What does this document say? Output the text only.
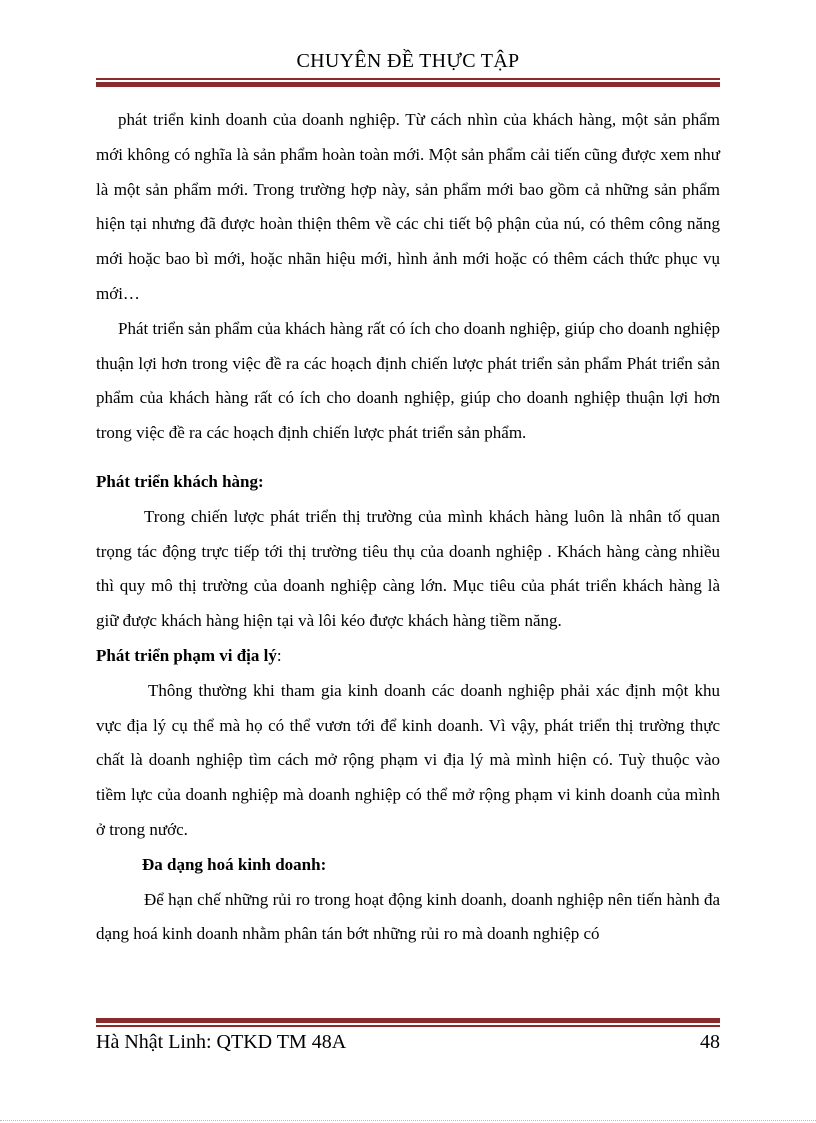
CHUYÊN ĐỀ THỰC TẬP

phát triển kinh doanh của doanh nghiệp. Từ cách nhìn của khách hàng, một sản phẩm mới không có nghĩa là sản phẩm hoàn toàn mới. Một sản phẩm cải tiến cũng được xem như là một sản phẩm mới. Trong trường hợp này, sản phẩm mới bao gồm cả những sản phẩm hiện tại nhưng đã được hoàn thiện thêm về các chi tiết bộ phận của nú, có thêm công năng mới hoặc bao bì mới, hoặc nhãn hiệu mới, hình ảnh mới hoặc có thêm cách thức phục vụ mới…

Phát triển sản phẩm của khách hàng rất có ích cho doanh nghiệp, giúp cho doanh nghiệp thuận lợi hơn trong việc đề ra các hoạch định chiến lược phát triển sản phẩm Phát triển sản phẩm của khách hàng rất có ích cho doanh nghiệp, giúp cho doanh nghiệp thuận lợi hơn trong việc đề ra các hoạch định chiến lược phát triển sản phẩm.

Phát triển khách hàng:

Trong chiến lược phát triển thị trường của mình khách hàng luôn là nhân tố quan trọng tác động trực tiếp tới thị trường tiêu thụ của doanh nghiệp . Khách hàng càng nhiều thì quy mô thị trường của doanh nghiệp càng lớn. Mục tiêu của phát triển khách hàng là giữ được khách hàng hiện tại và lôi kéo được khách hàng tiềm năng.

Phát triển phạm vi địa lý:

Thông thường khi tham gia kinh doanh các doanh nghiệp phải xác định một khu vực địa lý cụ thể mà họ có thể vươn tới để kinh doanh. Vì vậy, phát triển thị trường thực chất là doanh nghiệp tìm cách mở rộng phạm vi địa lý mà mình hiện có. Tuỳ thuộc vào tiềm lực của doanh nghiệp mà doanh nghiệp có thể mở rộng phạm vi kinh doanh của mình ở trong nước.

Đa dạng hoá kinh doanh:

Để hạn chế những rủi ro trong hoạt động kinh doanh, doanh nghiệp nên tiến hành đa dạng hoá kinh doanh nhằm phân tán bớt những rủi ro mà doanh nghiệp có

Hà Nhật Linh: QTKD TM 48A	48
